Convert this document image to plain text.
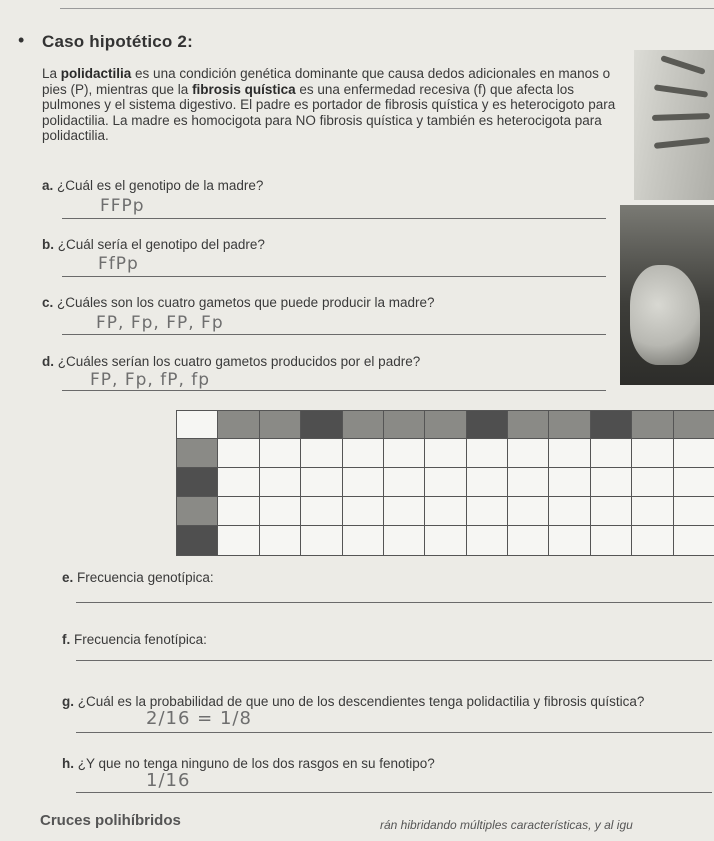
• Caso hipotético 2:
La polidactilia es una condición genética dominante que causa dedos adicionales en manos o pies (P), mientras que la fibrosis quística es una enfermedad recesiva (f) que afecta los pulmones y el sistema digestivo. El padre es portador de fibrosis quística y es heterocigoto para polidactilia. La madre es homocigota para NO fibrosis quística y también es heterocigota para polidactilia.
a. ¿Cuál es el genotipo de la madre?
FFPp
b. ¿Cuál sería el genotipo del padre?
FfPp
c. ¿Cuáles son los cuatro gametos que puede producir la madre?
FP, Fp, FP, Fp
d. ¿Cuáles serían los cuatro gametos producidos por el padre?
FP, Fp, fP, fp
e. Frecuencia genotípica:
f. Frecuencia fenotípica:
g. ¿Cuál es la probabilidad de que uno de los descendientes tenga polidactilia y fibrosis quística?
2/16 = 1/8
h. ¿Y que no tenga ninguno de los dos rasgos en su fenotipo?
1/16
Cruces polihíbridos	rán hibridando múltiples características, y al igu
